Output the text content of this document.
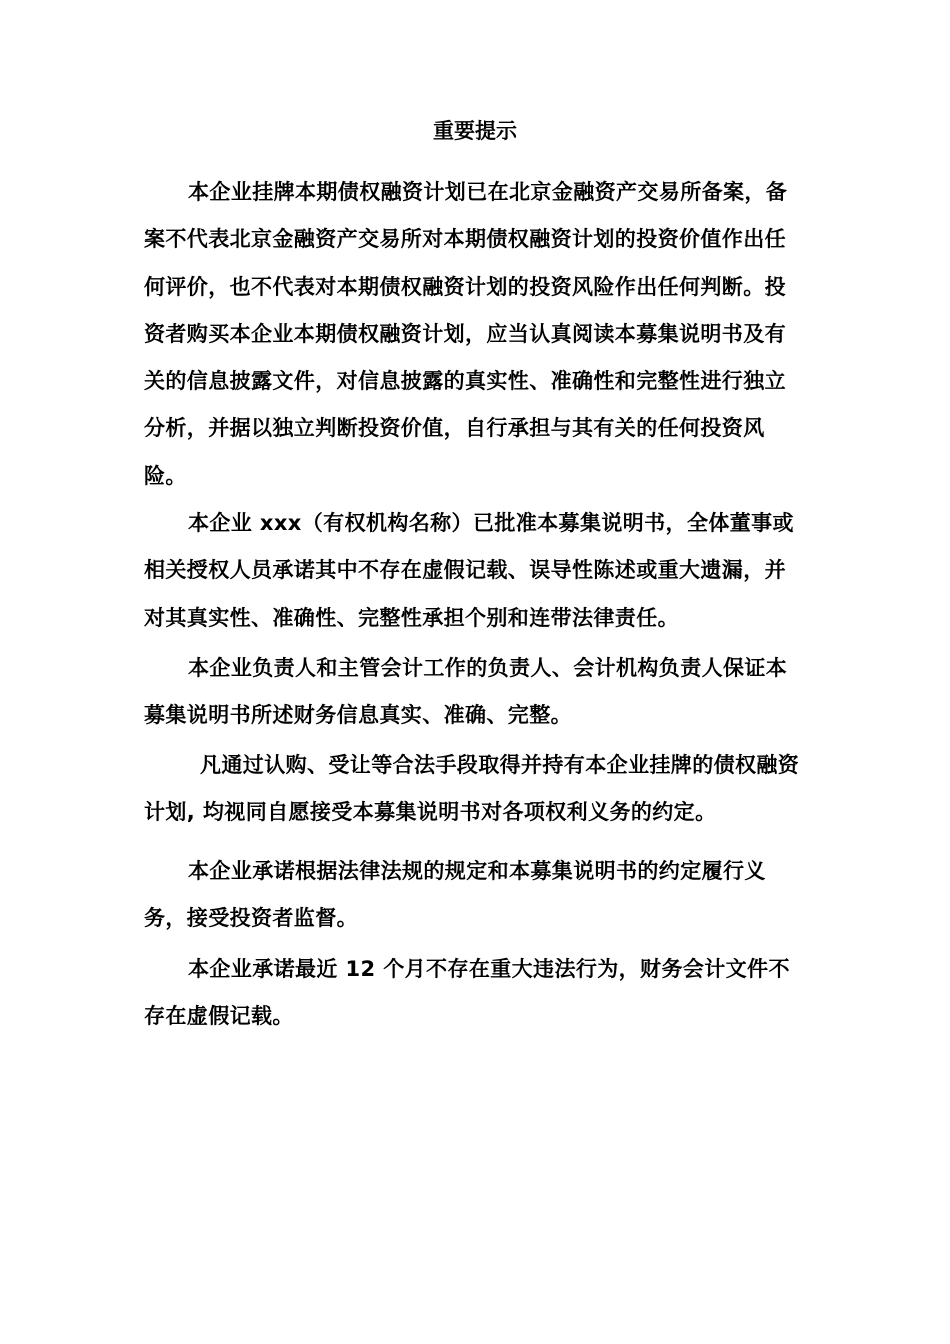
重要提示

本企业挂牌本期债权融资计划已在北京金融资产交易所备案，备案不代表北京金融资产交易所对本期债权融资计划的投资价值作出任何评价，也不代表对本期债权融资计划的投资风险作出任何判断。投资者购买本企业本期债权融资计划，应当认真阅读本募集说明书及有关的信息披露文件，对信息披露的真实性、准确性和完整性进行独立分析，并据以独立判断投资价值，自行承担与其有关的任何投资风险。

本企业 xxx（有权机构名称）已批准本募集说明书，全体董事或相关授权人员承诺其中不存在虚假记载、误导性陈述或重大遗漏，并对其真实性、准确性、完整性承担个别和连带法律责任。

本企业负责人和主管会计工作的负责人、会计机构负责人保证本募集说明书所述财务信息真实、准确、完整。

凡通过认购、受让等合法手段取得并持有本企业挂牌的债权融资计划, 均视同自愿接受本募集说明书对各项权利义务的约定。

本企业承诺根据法律法规的规定和本募集说明书的约定履行义务，接受投资者监督。

本企业承诺最近 12 个月不存在重大违法行为，财务会计文件不存在虚假记载。
